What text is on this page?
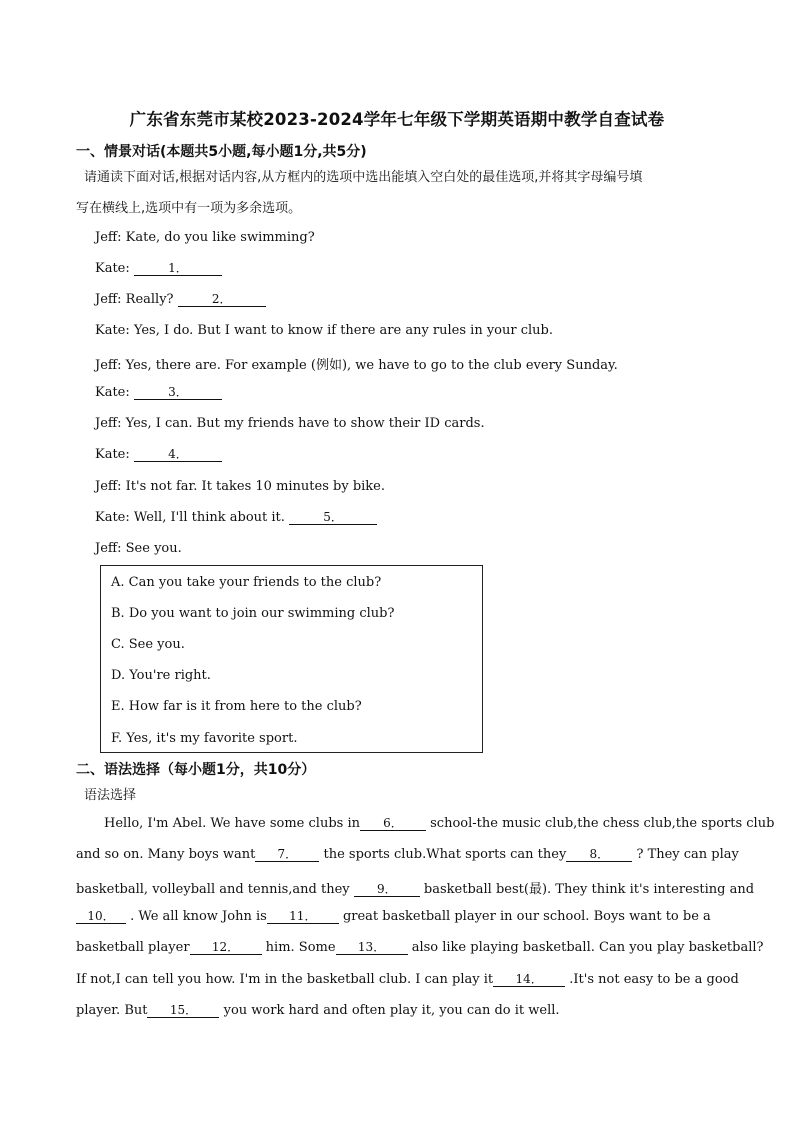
广东省东莞市某校2023-2024学年七年级下学期英语期中教学自查试卷
一、情景对话(本题共5小题,每小题1分,共5分)
请通读下面对话,根据对话内容,从方框内的选项中选出能填入空白处的最佳选项,并将其字母编号填
写在横线上,选项中有一项为多余选项。
Jeff: Kate, do you like swimming?
Kate:	1．
Jeff: Really?	2．
Kate: Yes, I do. But I want to know if there are any rules in your club.
Jeff: Yes, there are. For example (例如), we have to go to the club every Sunday.
Kate:	3．
Jeff: Yes, I can. But my friends have to show their ID cards.
Kate:	4．
Jeff: It's not far. It takes 10 minutes by bike.
Kate: Well, I'll think about it.	5．
Jeff: See you.
A. Can you take your friends to the club?
B. Do you want to join our swimming club?
C. See you.
D. You're right.
E. How far is it from here to the club?
F. Yes, it's my favorite sport.
二、语法选择（每小题1分，共10分）
语法选择
Hello, I'm Abel. We have some clubs in 6． school-the music club,the chess club,the sports club
and so on. Many boys want 7． the sports club.What sports can they 8． ? They can play
basketball, volleyball and tennis,and they 9． basketball best(最). They think it's interesting and
10． . We all know John is 11． great basketball player in our school. Boys want to be a
basketball player 12． him. Some 13． also like playing basketball. Can you play basketball?
If not,I can tell you how. I'm in the basketball club. I can play it 14． .It's not easy to be a good
player. But 15． you work hard and often play it, you can do it well.
